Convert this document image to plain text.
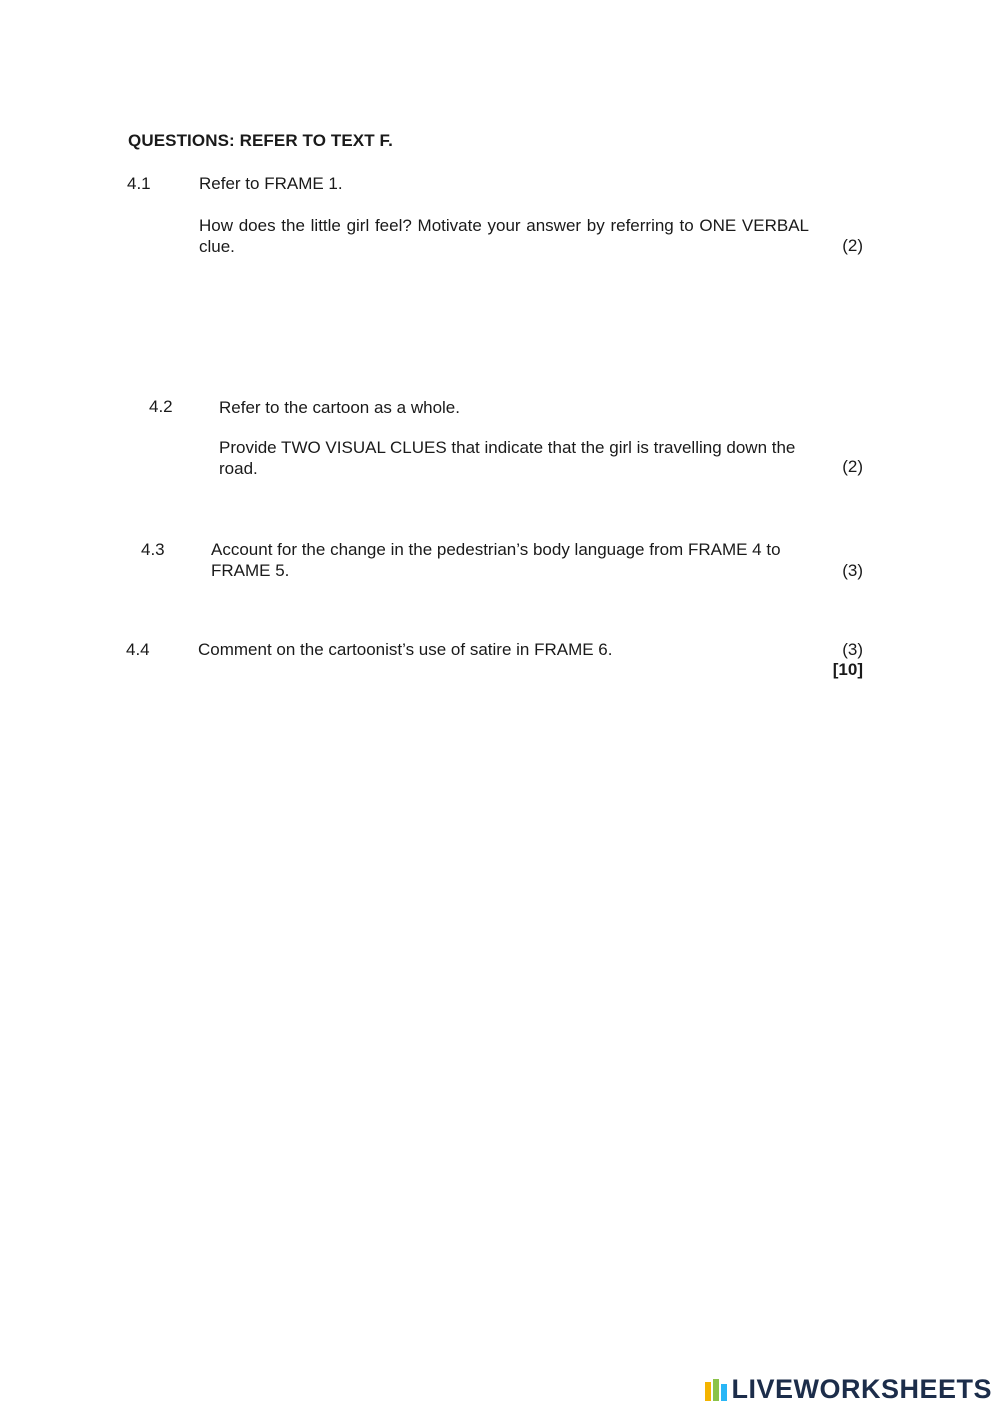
QUESTIONS: REFER TO TEXT F.
4.1	Refer to FRAME 1.
How does the little girl feel? Motivate your answer by referring to ONE VERBAL clue.	(2)
4.2	Refer to the cartoon as a whole.
Provide TWO VISUAL CLUES that indicate that the girl is travelling down the road.	(2)
4.3	Account for the change in the pedestrian’s body language from FRAME 4 to FRAME 5.	(3)
4.4	Comment on the cartoonist’s use of satire in FRAME 6.	(3)
[10]
LIVEWORKSHEETS
